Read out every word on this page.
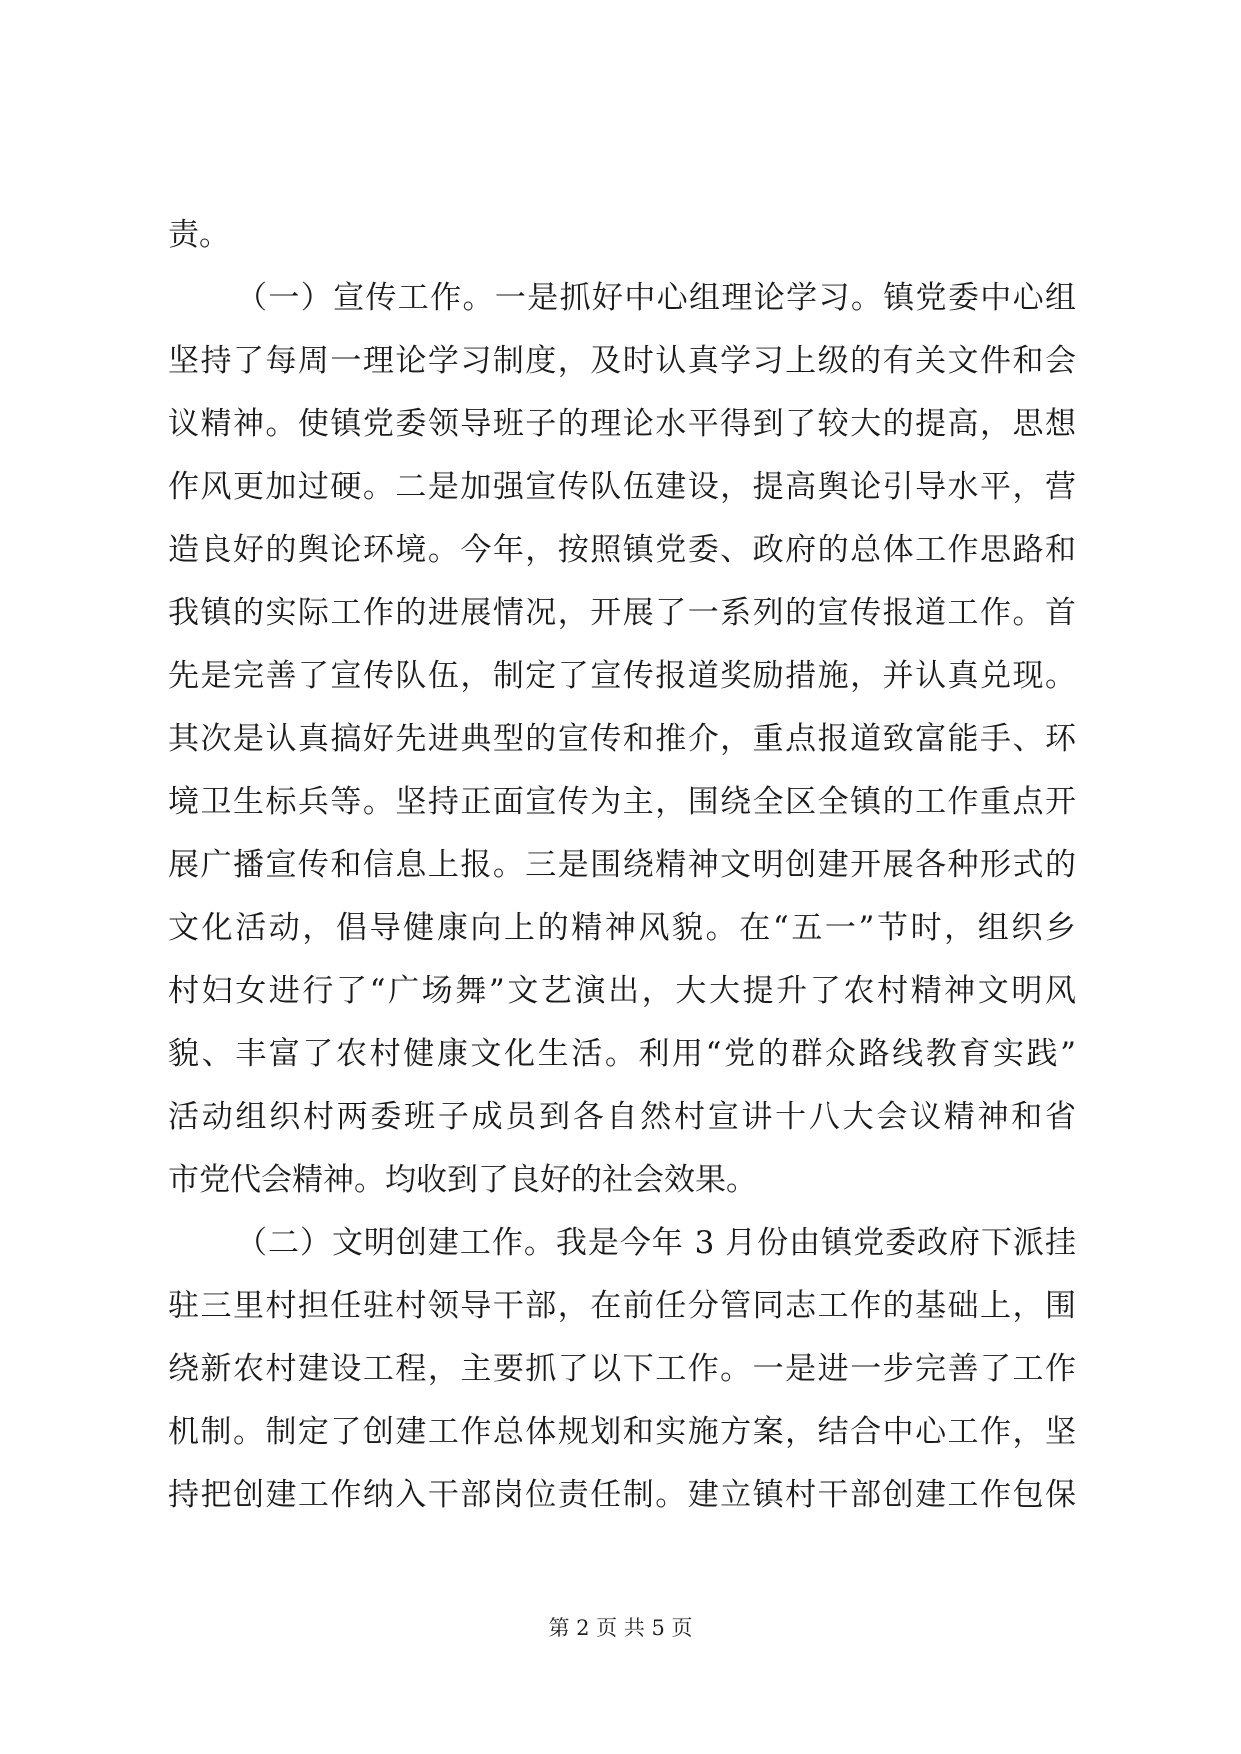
责。
（一）宣传工作。一是抓好中心组理论学习。镇党委中心组
坚持了每周一理论学习制度，及时认真学习上级的有关文件和会
议精神。使镇党委领导班子的理论水平得到了较大的提高，思想
作风更加过硬。二是加强宣传队伍建设，提高舆论引导水平，营
造良好的舆论环境。今年，按照镇党委、政府的总体工作思路和
我镇的实际工作的进展情况，开展了一系列的宣传报道工作。首
先是完善了宣传队伍，制定了宣传报道奖励措施，并认真兑现。
其次是认真搞好先进典型的宣传和推介，重点报道致富能手、环
境卫生标兵等。坚持正面宣传为主，围绕全区全镇的工作重点开
展广播宣传和信息上报。三是围绕精神文明创建开展各种形式的
文化活动，倡导健康向上的精神风貌。在“五一”节时，组织乡
村妇女进行了“广场舞”文艺演出，大大提升了农村精神文明风
貌、丰富了农村健康文化生活。利用“党的群众路线教育实践”
活动组织村两委班子成员到各自然村宣讲十八大会议精神和省
市党代会精神。均收到了良好的社会效果。
（二）文明创建工作。我是今年 3 月份由镇党委政府下派挂
驻三里村担任驻村领导干部，在前任分管同志工作的基础上，围
绕新农村建设工程，主要抓了以下工作。一是进一步完善了工作
机制。制定了创建工作总体规划和实施方案，结合中心工作，坚
持把创建工作纳入干部岗位责任制。建立镇村干部创建工作包保
第 2 页 共 5 页
